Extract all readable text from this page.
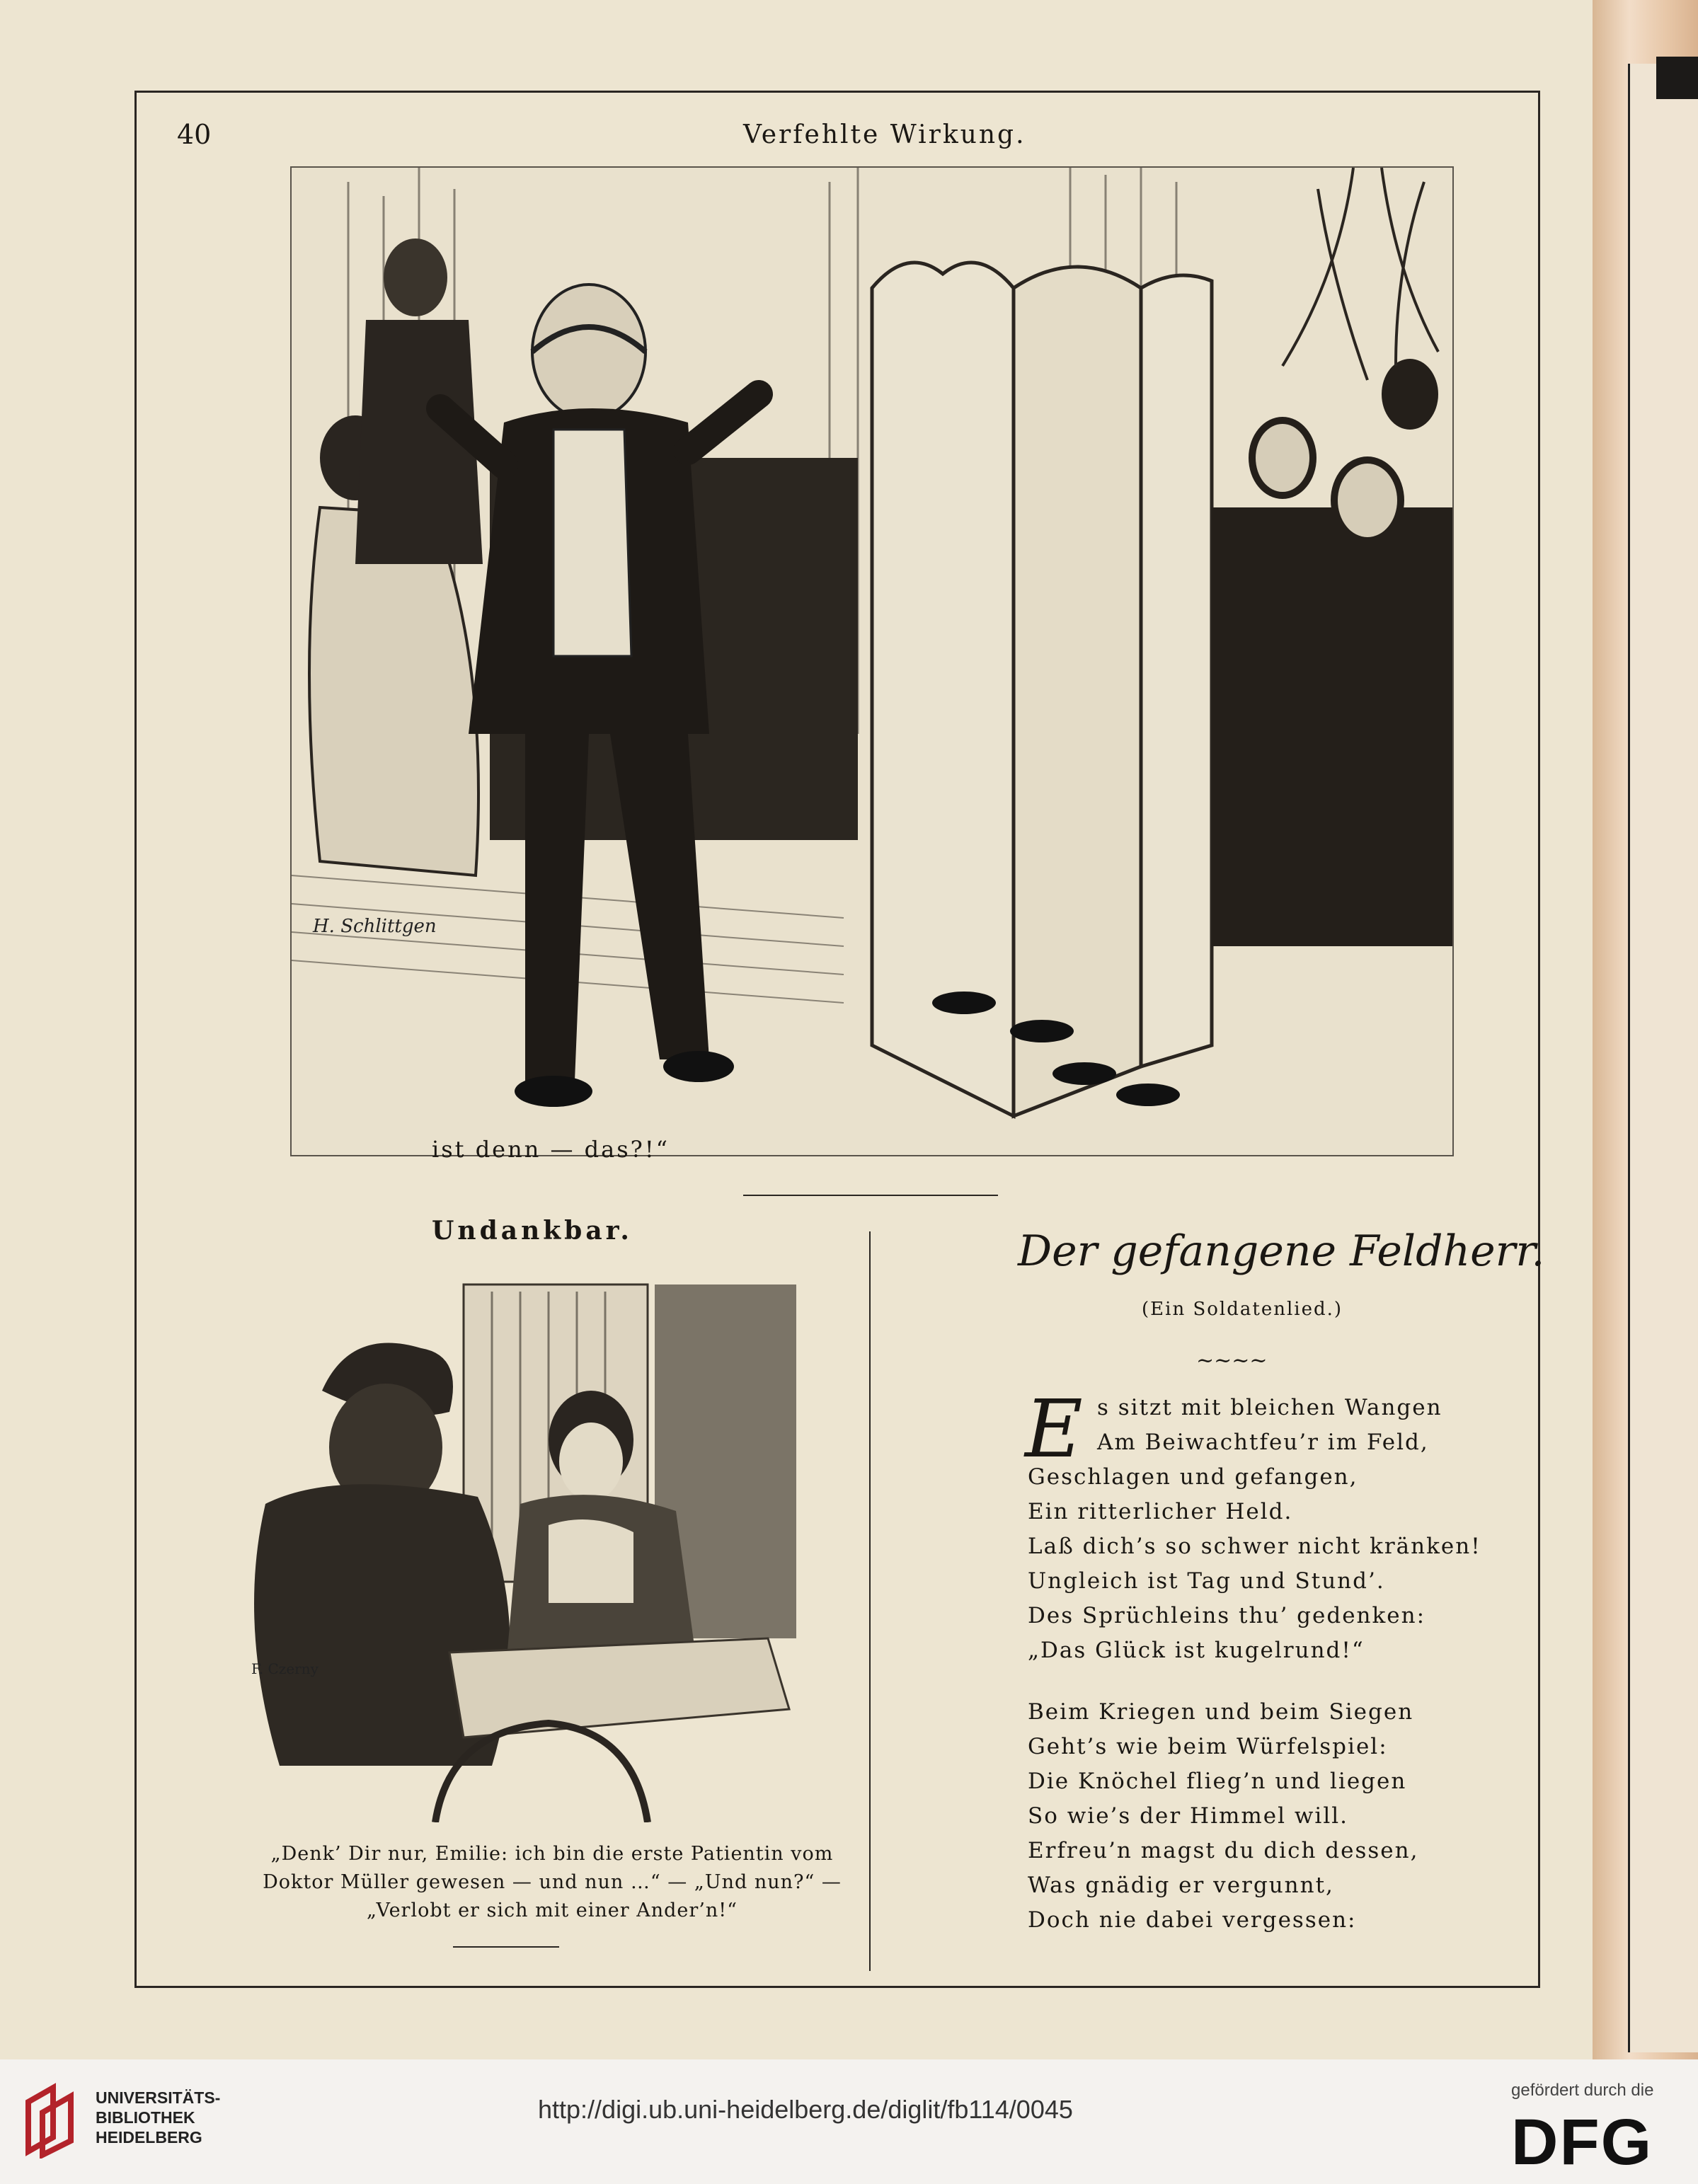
40	Verfehlte Wirkung.
H. Schlittgen
ist denn — das?!“
Undankbar.
F. Czerny
„Denk’ Dir nur, Emilie: ich bin die erste Patientin vom
Doktor Müller gewesen — und nun …“ — „Und nun?“ —
„Verlobt er sich mit einer Ander’n!“
Der gefangene Feldherr.
(Ein Soldatenlied.)
~~~~
E s sitzt mit bleichen Wangen
Am Beiwachtfeu’r im Feld,
Geschlagen und gefangen,
Ein ritterlicher Held.
Laß dich’s so schwer nicht kränken!
Ungleich ist Tag und Stund’.
Des Sprüchleins thu’ gedenken:
„Das Glück ist kugelrund!“
Beim Kriegen und beim Siegen
Geht’s wie beim Würfelspiel:
Die Knöchel flieg’n und liegen
So wie’s der Himmel will.
Erfreu’n magst du dich dessen,
Was gnädig er vergunnt,
Doch nie dabei vergessen:
UNIVERSITÄTS-
BIBLIOTHEK
HEIDELBERG
http://digi.ub.uni-heidelberg.de/diglit/fb114/0045
gefördert durch die
DFG
